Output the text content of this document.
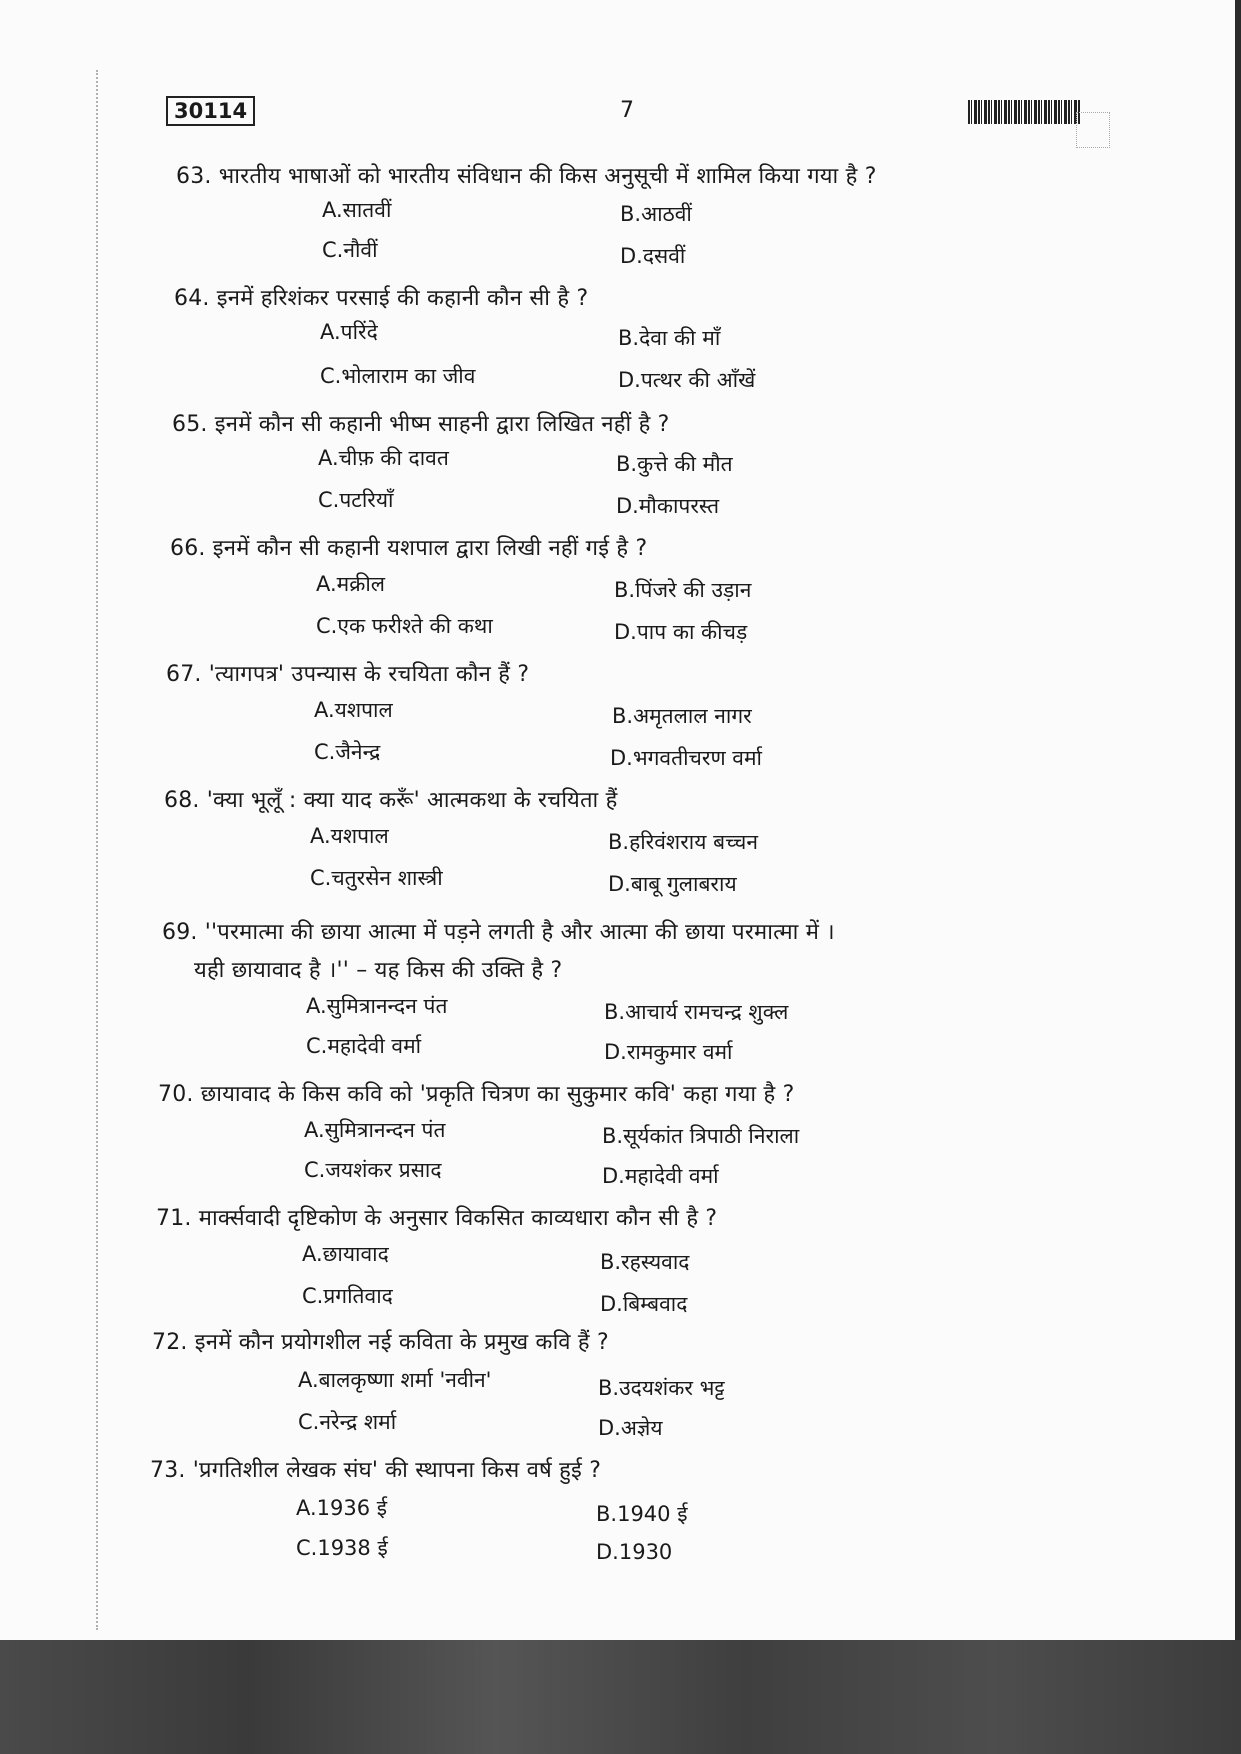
30114	7
63. भारतीय भाषाओं को भारतीय संविधान की किस अनुसूची में शामिल किया गया है ?
A.सातवीं	B.आठवीं
C.नौवीं	D.दसवीं
64. इनमें हरिशंकर परसाई की कहानी कौन सी है ?
A.परिंदे	B.देवा की माँ
C.भोलाराम का जीव	D.पत्थर की आँखें
65. इनमें कौन सी कहानी भीष्म साहनी द्वारा लिखित नहीं है ?
A.चीफ़ की दावत	B.कुत्ते की मौत
C.पटरियाँ	D.मौकापरस्त
66. इनमें कौन सी कहानी यशपाल द्वारा लिखी नहीं गई है ?
A.मक्रील	B.पिंजरे की उड़ान
C.एक फरीश्ते की कथा	D.पाप का कीचड़
67. 'त्यागपत्र' उपन्यास के रचयिता कौन हैं ?
A.यशपाल	B.अमृतलाल नागर
C.जैनेन्द्र	D.भगवतीचरण वर्मा
68. 'क्या भूलूँ : क्या याद करूँ' आत्मकथा के रचयिता हैं
A.यशपाल	B.हरिवंशराय बच्चन
C.चतुरसेन शास्त्री	D.बाबू गुलाबराय
69. ''परमात्मा की छाया आत्मा में पड़ने लगती है और आत्मा की छाया परमात्मा में ।
यही छायावाद है ।'' – यह किस की उक्ति है ?
A.सुमित्रानन्दन पंत	B.आचार्य रामचन्द्र शुक्ल
C.महादेवी वर्मा	D.रामकुमार वर्मा
70. छायावाद के किस कवि को 'प्रकृति चित्रण का सुकुमार कवि' कहा गया है ?
A.सुमित्रानन्दन पंत	B.सूर्यकांत त्रिपाठी निराला
C.जयशंकर प्रसाद	D.महादेवी वर्मा
71. मार्क्सवादी दृष्टिकोण के अनुसार विकसित काव्यधारा कौन सी है ?
A.छायावाद	B.रहस्यवाद
C.प्रगतिवाद	D.बिम्बवाद
72. इनमें कौन प्रयोगशील नई कविता के प्रमुख कवि हैं ?
A.बालकृष्णा शर्मा 'नवीन'	B.उदयशंकर भट्ट
C.नरेन्द्र शर्मा	D.अज्ञेय
73. 'प्रगतिशील लेखक संघ' की स्थापना किस वर्ष हुई ?
A.1936 ई	B.1940 ई
C.1938 ई	D.1930
